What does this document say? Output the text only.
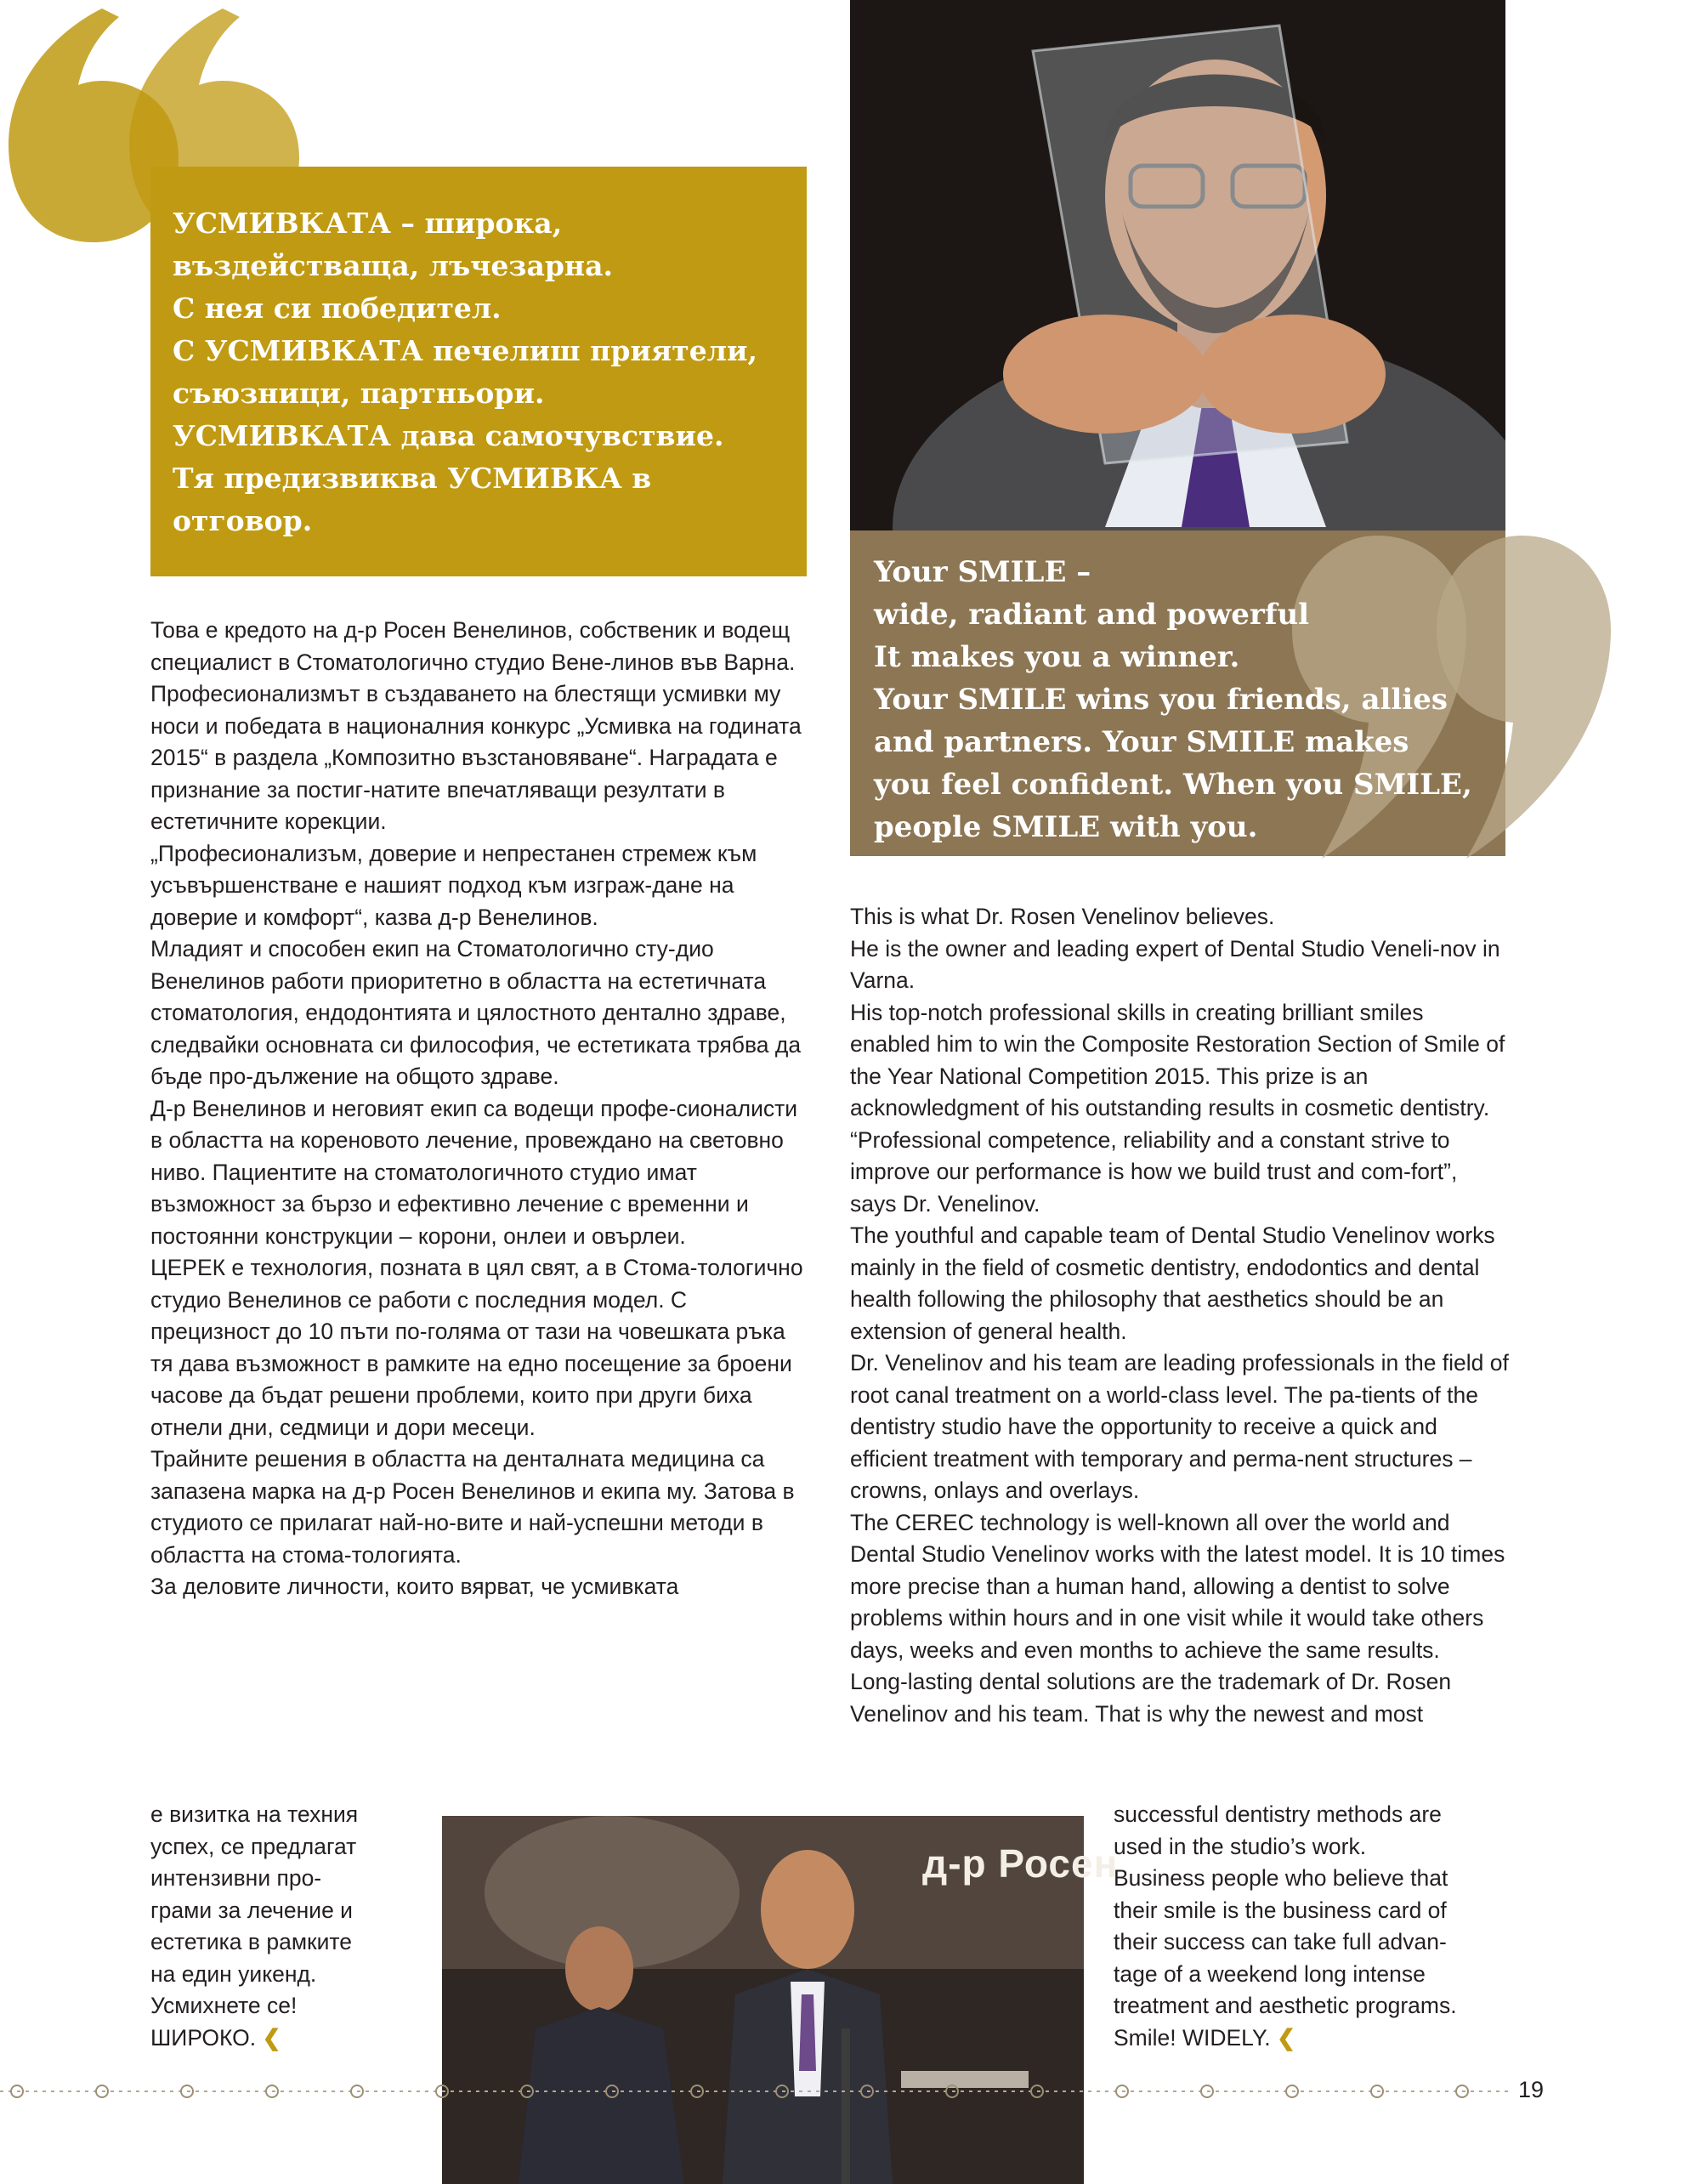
УСМИВКАТА – широка,
въздействаща, лъчезарна.
С нея си победител.
С УСМИВКАТА печелиш приятели,
съюзници, партньори.
УСМИВКАТА дава самочувствие.
Тя предизвиква УСМИВКА в
отговор.
Your SMILE –
wide, radiant and powerful
It makes you a winner.
Your SMILE wins you friends, allies
and partners. Your SMILE makes
you feel confident. When you SMILE,
people SMILE with you.

Това е кредото на д-р Росен Венелинов, собственик и водещ специалист в Стоматологично студио Вене-линов във Варна.

Професионализмът в създаването на блестящи усмивки му носи и победата в националния конкурс „Усмивка на годината 2015“ в раздела „Композитно възстановяване“. Наградата е признание за постиг-натите впечатляващи резултати в естетичните корекции.

„Професионализъм, доверие и непрестанен стремеж към усъвършенстване е нашият подход към изграж-дане на доверие и комфорт“, казва д-р Венелинов.

Младият и способен екип на Стоматологично сту-дио Венелинов работи приоритетно в областта на естетичната стоматология, ендодонтията и цялостното дентално здраве, следвайки основната си философия, че естетиката трябва да бъде про-дължение на общото здраве.

Д-р Венелинов и неговият екип са водещи профе-сионалисти в областта на кореновото лечение, провеждано на световно ниво. Пациентите на стоматологичното студио имат възможност за бързо и ефективно лечение с временни и постоянни конструкции – корони, онлеи и овърлеи.

ЦЕРЕК е технология, позната в цял свят, а в Стома-тологично студио Венелинов се работи с последния модел. С прецизност до 10 пъти по-голяма от тази на човешката ръка тя дава възможност в рамките на едно посещение за броени часове да бъдат решени проблеми, които при други биха отнели дни, седмици и дори месеци.

Трайните решения в областта на денталната медицина са запазена марка на д-р Росен Венелинов и екипа му. Затова в студиото се прилагат най-но-вите и най-успешни методи в областта на стома-тологията.

За деловите личности, които вярват, че усмивката

е визитка на техния

успех, се предлагат

интензивни про-

грами за лечение и

естетика в рамките

на един уикенд.

Усмихнете се!

ШИРОКО. ❮

This is what Dr. Rosen Venelinov believes.

He is the owner and leading expert of Dental Studio Veneli-nov in Varna.

His top-notch professional skills in creating brilliant smiles enabled him to win the Composite Restoration Section of Smile of the Year National Competition 2015. This prize is an acknowledgment of his outstanding results in cosmetic dentistry.

“Professional competence, reliability and a constant strive to improve our performance is how we build trust and com-fort”, says Dr. Venelinov.

The youthful and capable team of Dental Studio Venelinov works mainly in the field of cosmetic dentistry, endodontics and dental health following the philosophy that aesthetics should be an extension of general health.

Dr. Venelinov and his team are leading professionals in the field of root canal treatment on a world-class level. The pa-tients of the dentistry studio have the opportunity to receive a quick and efficient treatment with temporary and perma-nent structures – crowns, onlays and overlays.

The CEREC technology is well-known all over the world and Dental Studio Venelinov works with the latest model. It is 10 times more precise than a human hand, allowing a dentist to solve problems within hours and in one visit while it would take others days, weeks and even months to achieve the same results.

Long-lasting dental solutions are the trademark of Dr. Rosen Venelinov and his team. That is why the newest and most

successful dentistry methods are

used in the studio’s work.

Business people who believe that

their smile is the business card of

their success can take full advan-

tage of a weekend long intense

treatment and aesthetic programs.

Smile! WIDELY. ❮

д-р Росен
19
